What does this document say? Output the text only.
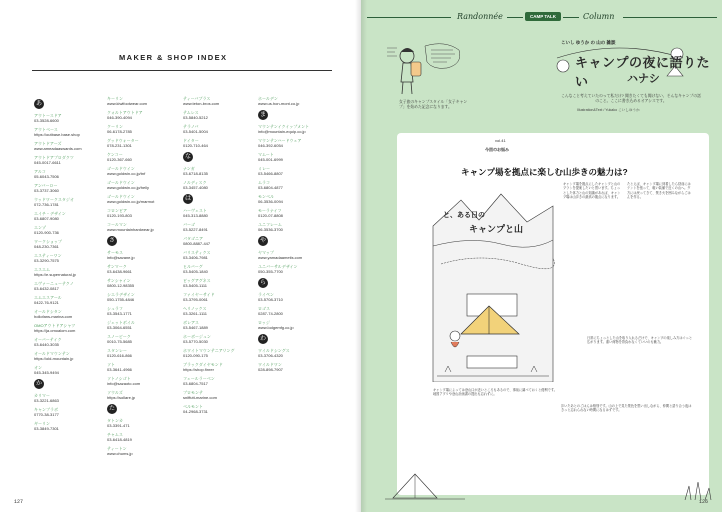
MAKER & SHOP INDEX
あ
アウトースドア
03-3528-6600
アウトベース
https://outbase.base.shop
アウトドアーズ
www.ameadaaswards.com
アウトドアプロダクツ
045-0017-6611
アルコ
05-6043-7506
アンバーロー
03-3737-3060
ウッドワークスタジオ
072-736-1781
エイチ・デザイン
03-6807-9080
エンゾ
0120-900-736
ワークショップ
048-230-7361
エスティーワン
03-3290-7575
エスエム
https://e.supernatural.jp
エヴァーニューテクノ
03-6432-0817
エムエスアール
0422-76-9121
オールドシタン
hollofans-marina.com
OMOアウトドアシャツ
https://ja.omoalom.com
オーバーテイク
03-6440-3035
オールドマウンテン
https://old-mountain.jp
オン
045-345-9494
か
カリマー
03-3221-6863
キャンプラボ
0770-38-3177
ギーリン
03-3849-7301
キーリン
www.kiwifootwear.com
クォルトアウトドア
046-390-4094
クーリン
06-6178-2785
グッドウォーター
078-231-1301
ケンコー
0120-367-660
ゴールドウイン
www.goldwin.co.jp/tnf
ゴールドウイン
www.goldwin.co.jp/helly
ゴールドウイン
www.goldwin.co.jp/marmot
コロンビア
0120-193-803
コールマン
www.mountainhardwear.jp
さ
サーモス
info@savane.jp
サンマーク
03-6438-9661
サンシャイン
0800-12-98355
シエラデザイン
050-1755-4846
シュラフ
03-3543-1771
ジェットボイル
03-3064-6551
スノーピーク
0010-75-5685
スタンレー
0120-616-866
ソト
03-3641-4966
ソトノシゴト
info@sazaoto.com
ソウルズ
https://sollare.jp
た
タトンカ
03-3391-471
チャムス
03-6418-4819
ティートン
www.chums.jp
ティーバブラス
www.teton-bros.com
テムレス
03-5840-5212
テラノバ
03-5401-5004
ドイター
0120-710-464
な
ナンガ
03-6718-8135
ノルディスク
03-3457-4080
は
ハーヴェスト
045-313-8880
バーゴ
03-5227-8491
パタゴニア
0800-8887-447
バリスティクス
03-3406-7981
ヒルバーグ
03-5405-1840
ビッグアグネス
03-5405-1111
ファイヤーサイド
03-3795-0061
ヘリノックス
03-3261-1111
ボレアス
03-5467-1889
ホーボージュン
03-5770-5030
ホワイトマウンテニアリング
0120-090-175
ブラックダイヤモンド
https://shop.finrer
フェールラーベン
03-6804-7517
プロモンテ
sniffutt-marine.com
ベルモント
04-2968-3731
ホールデン
www.us.hon-mont.co.jp
ま
マウンテンイクイップメント
info@mountain-equip.co.jp
マウンテンハードウェア
046-392-6054
マムート
045-001-6999
ミレー
03-5466-8807
ムラコ
03-6804-4877
モンベル
06-3536-0094
モーラナイフ
0120-07-8808
ユニフレーム
06-3536-3700
や
ヤマップ
www.yamadaametis.com
ユニバーサルデザイン
050-355-7700
ら
ライペン
03-5708-3710
ロゴス
0287-74-2800
ロッジ
www.lodgemfg.co.jp
わ
ワイルドシングス
03-3706-4320
ワイルドワン
028-898-7907
127
Randonnée	CAMP TALK	Column
女子旅のキャンプスタイル「女子キャンプ」を始めた記念になります。
こいし ゆうか の 山の 雑談
キャンプの夜に語りたい	ハナシ
こんなこと考えていたのって私だけ? 聞きたくても聞けない、そんなキャンプの話のこと。ここに書き込めるオアシスです。
Illustration&Text / Yukako こいしゆうか
vol.41
今回のお悩み
キャンプ場を拠点に楽しむ山歩きの魅力は?
と、ある日の
キャンプと山
キャンプ場を拠点にしたキャンプと山のプランを提案したいと思います。ちょっとした体力と山の知識があれば、キャンプ場は山歩きの最高の拠点になります。
たとえば、キャンプ場に到着したら昼前にはテントを張って、軽い装備で近くの山へ。夕方には戻ってきて、焚き火を囲みながらごはんを作る。
日常にちょっとした山を取り入れるだけで、キャンプの楽しみ方はぐっと広がります。重い荷物を背負わなくていいのも魅力。
キャンプ場によっては登山口が近いところもあるので、事前に調べておくと便利です。地図アプリや登山計画書の提出も忘れずに。
歩いたあとのごはんは格別です。山の上で見た景色を思い出しながら、仲間と語り合う夜はきっと忘れられない時間になるはずです。
126
